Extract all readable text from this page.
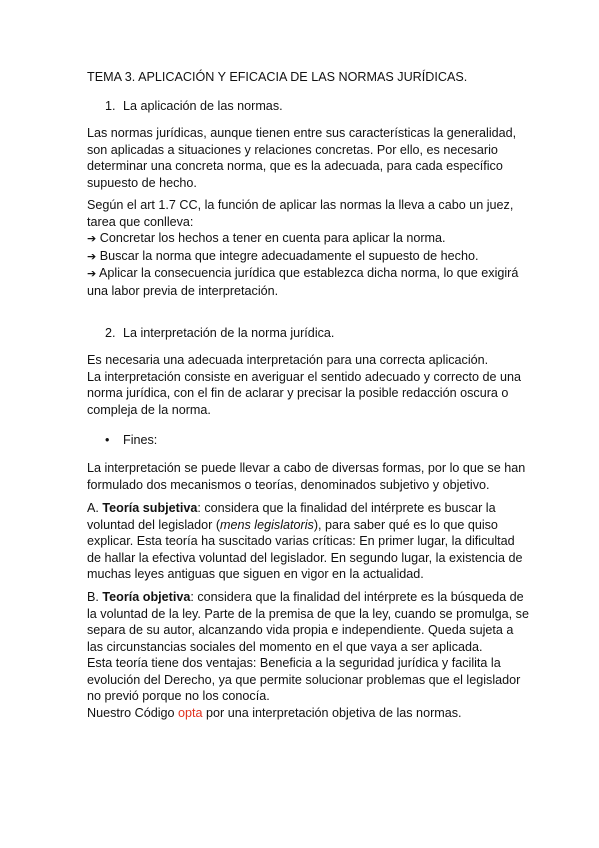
TEMA 3. APLICACIÓN Y EFICACIA DE LAS NORMAS JURÍDICAS.

1. La aplicación de las normas.

Las normas jurídicas, aunque tienen entre sus características la generalidad,
son aplicadas a situaciones y relaciones concretas. Por ello, es necesario
determinar una concreta norma, que es la adecuada, para cada específico
supuesto de hecho.

Según el art 1.7 CC, la función de aplicar las normas la lleva a cabo un juez,
tarea que conlleva:
➔ Concretar los hechos a tener en cuenta para aplicar la norma.
➔ Buscar la norma que integre adecuadamente el supuesto de hecho.
➔ Aplicar la consecuencia jurídica que establezca dicha norma, lo que exigirá
una labor previa de interpretación.

2. La interpretación de la norma jurídica.

Es necesaria una adecuada interpretación para una correcta aplicación.
La interpretación consiste en averiguar el sentido adecuado y correcto de una
norma jurídica, con el fin de aclarar y precisar la posible redacción oscura o
compleja de la norma.

•	Fines:

La interpretación se puede llevar a cabo de diversas formas, por lo que se han
formulado dos mecanismos o teorías, denominados subjetivo y objetivo.

A. Teoría subjetiva: considera que la finalidad del intérprete es buscar la
voluntad del legislador (mens legislatoris), para saber qué es lo que quiso
explicar. Esta teoría ha suscitado varias críticas: En primer lugar, la dificultad
de hallar la efectiva voluntad del legislador. En segundo lugar, la existencia de
muchas leyes antiguas que siguen en vigor en la actualidad.

B. Teoría objetiva: considera que la finalidad del intérprete es la búsqueda de
la voluntad de la ley. Parte de la premisa de que la ley, cuando se promulga, se
separa de su autor, alcanzando vida propia e independiente. Queda sujeta a
las circunstancias sociales del momento en el que vaya a ser aplicada.
Esta teoría tiene dos ventajas: Beneficia a la seguridad jurídica y facilita la
evolución del Derecho, ya que permite solucionar problemas que el legislador
no previó porque no los conocía.
Nuestro Código opta por una interpretación objetiva de las normas.
